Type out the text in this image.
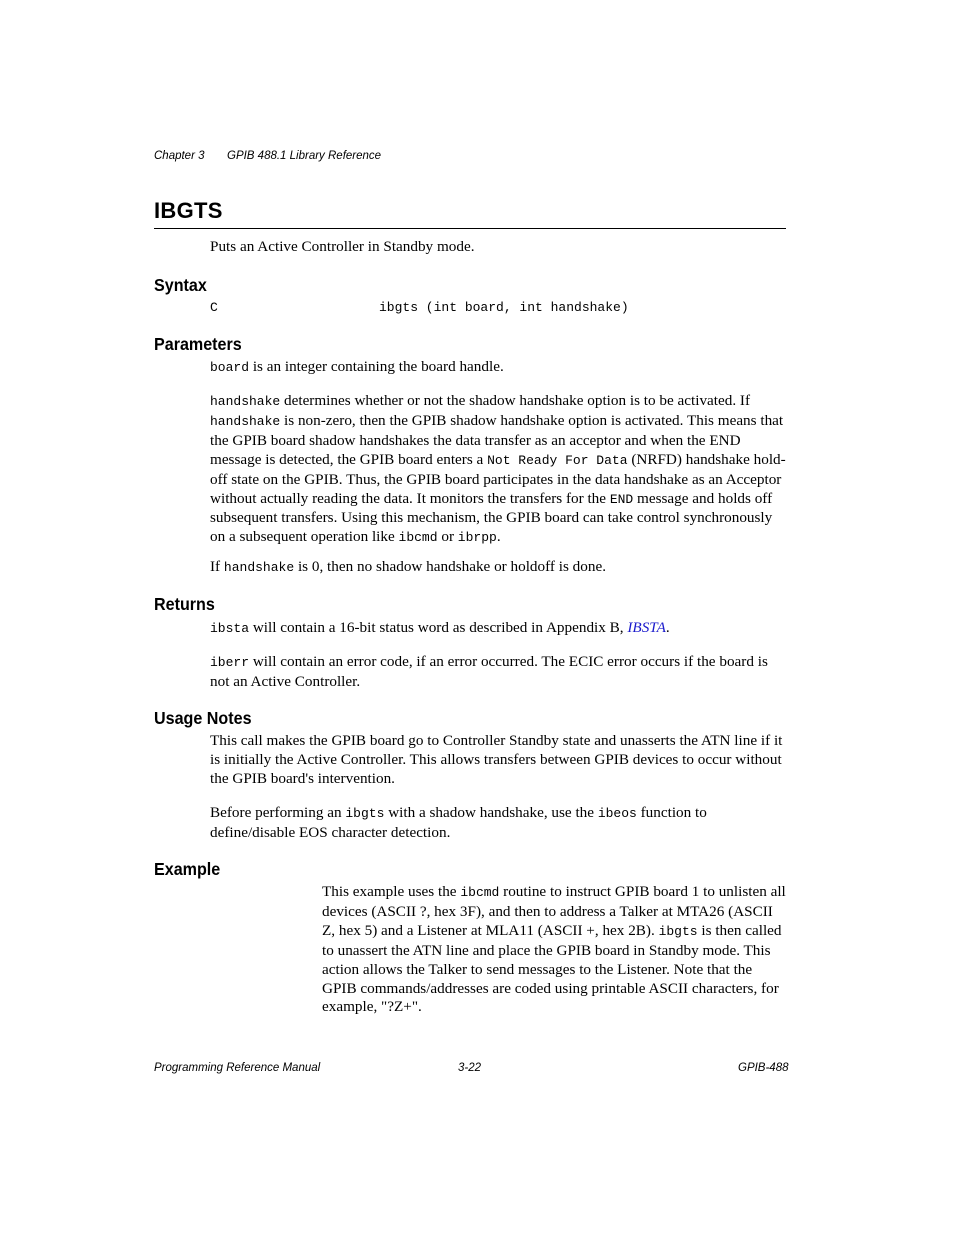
Chapter 3 GPIB 488.1 Library Reference
IBGTS
Puts an Active Controller in Standby mode.
Syntax
C	ibgts (int board, int handshake)
Parameters
board is an integer containing the board handle.
handshake determines whether or not the shadow handshake option is to be activated. If handshake is non-zero, then the GPIB shadow handshake option is activated. This means that the GPIB board shadow handshakes the data transfer as an acceptor and when the END message is detected, the GPIB board enters a Not Ready For Data (NRFD) handshake hold-off state on the GPIB. Thus, the GPIB board participates in the data handshake as an Acceptor without actually reading the data. It monitors the transfers for the END message and holds off subsequent transfers. Using this mechanism, the GPIB board can take control synchronously on a subsequent operation like ibcmd or ibrpp.
If handshake is 0, then no shadow handshake or holdoff is done.
Returns
ibsta will contain a 16-bit status word as described in Appendix B, IBSTA.
iberr will contain an error code, if an error occurred. The ECIC error occurs if the board is not an Active Controller.
Usage Notes
This call makes the GPIB board go to Controller Standby state and unasserts the ATN line if it is initially the Active Controller. This allows transfers between GPIB devices to occur without the GPIB board's intervention.
Before performing an ibgts with a shadow handshake, use the ibeos function to define/disable EOS character detection.
Example
This example uses the ibcmd routine to instruct GPIB board 1 to unlisten all devices (ASCII ?, hex 3F), and then to address a Talker at MTA26 (ASCII Z, hex 5) and a Listener at MLA11 (ASCII +, hex 2B). ibgts is then called to unassert the ATN line and place the GPIB board in Standby mode. This action allows the Talker to send messages to the Listener. Note that the GPIB commands/addresses are coded using printable ASCII characters, for example, "?Z+".
Programming Reference Manual	3-22	GPIB-488
